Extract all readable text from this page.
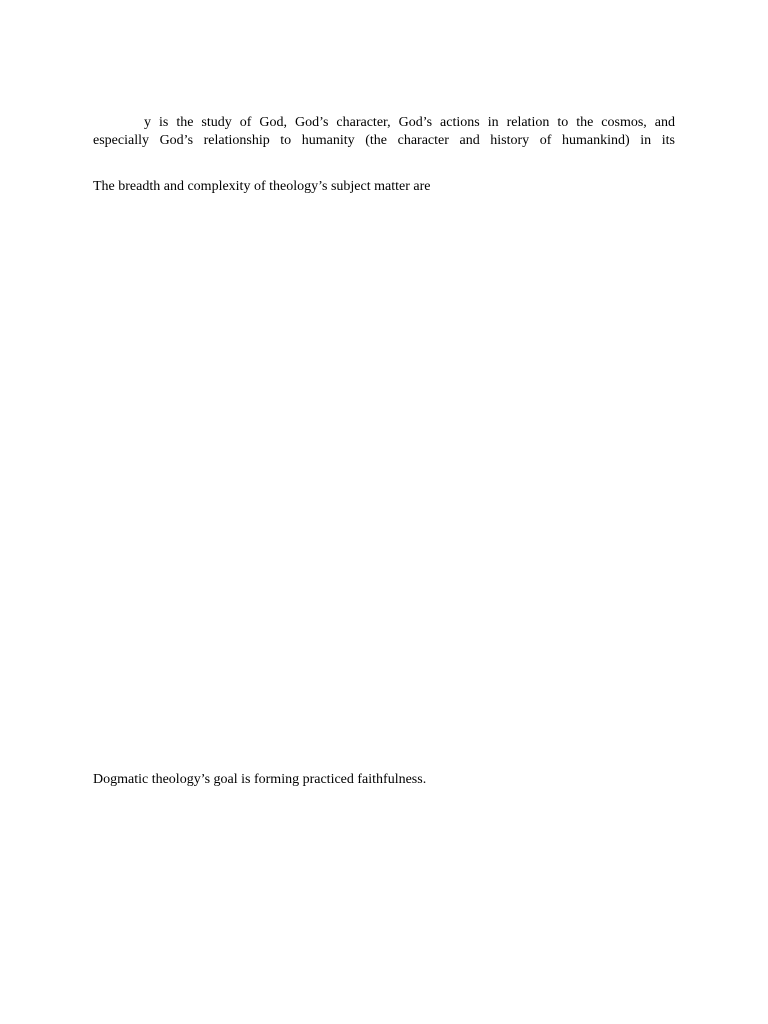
y is the study of God, God’s character, God’s actions in relation to the cosmos, and
especially God’s relationship to humanity (the character and history of humankind) in its

The breadth and complexity of theology’s subject matter are

Dogmatic theology’s goal is forming practiced faithfulness.
